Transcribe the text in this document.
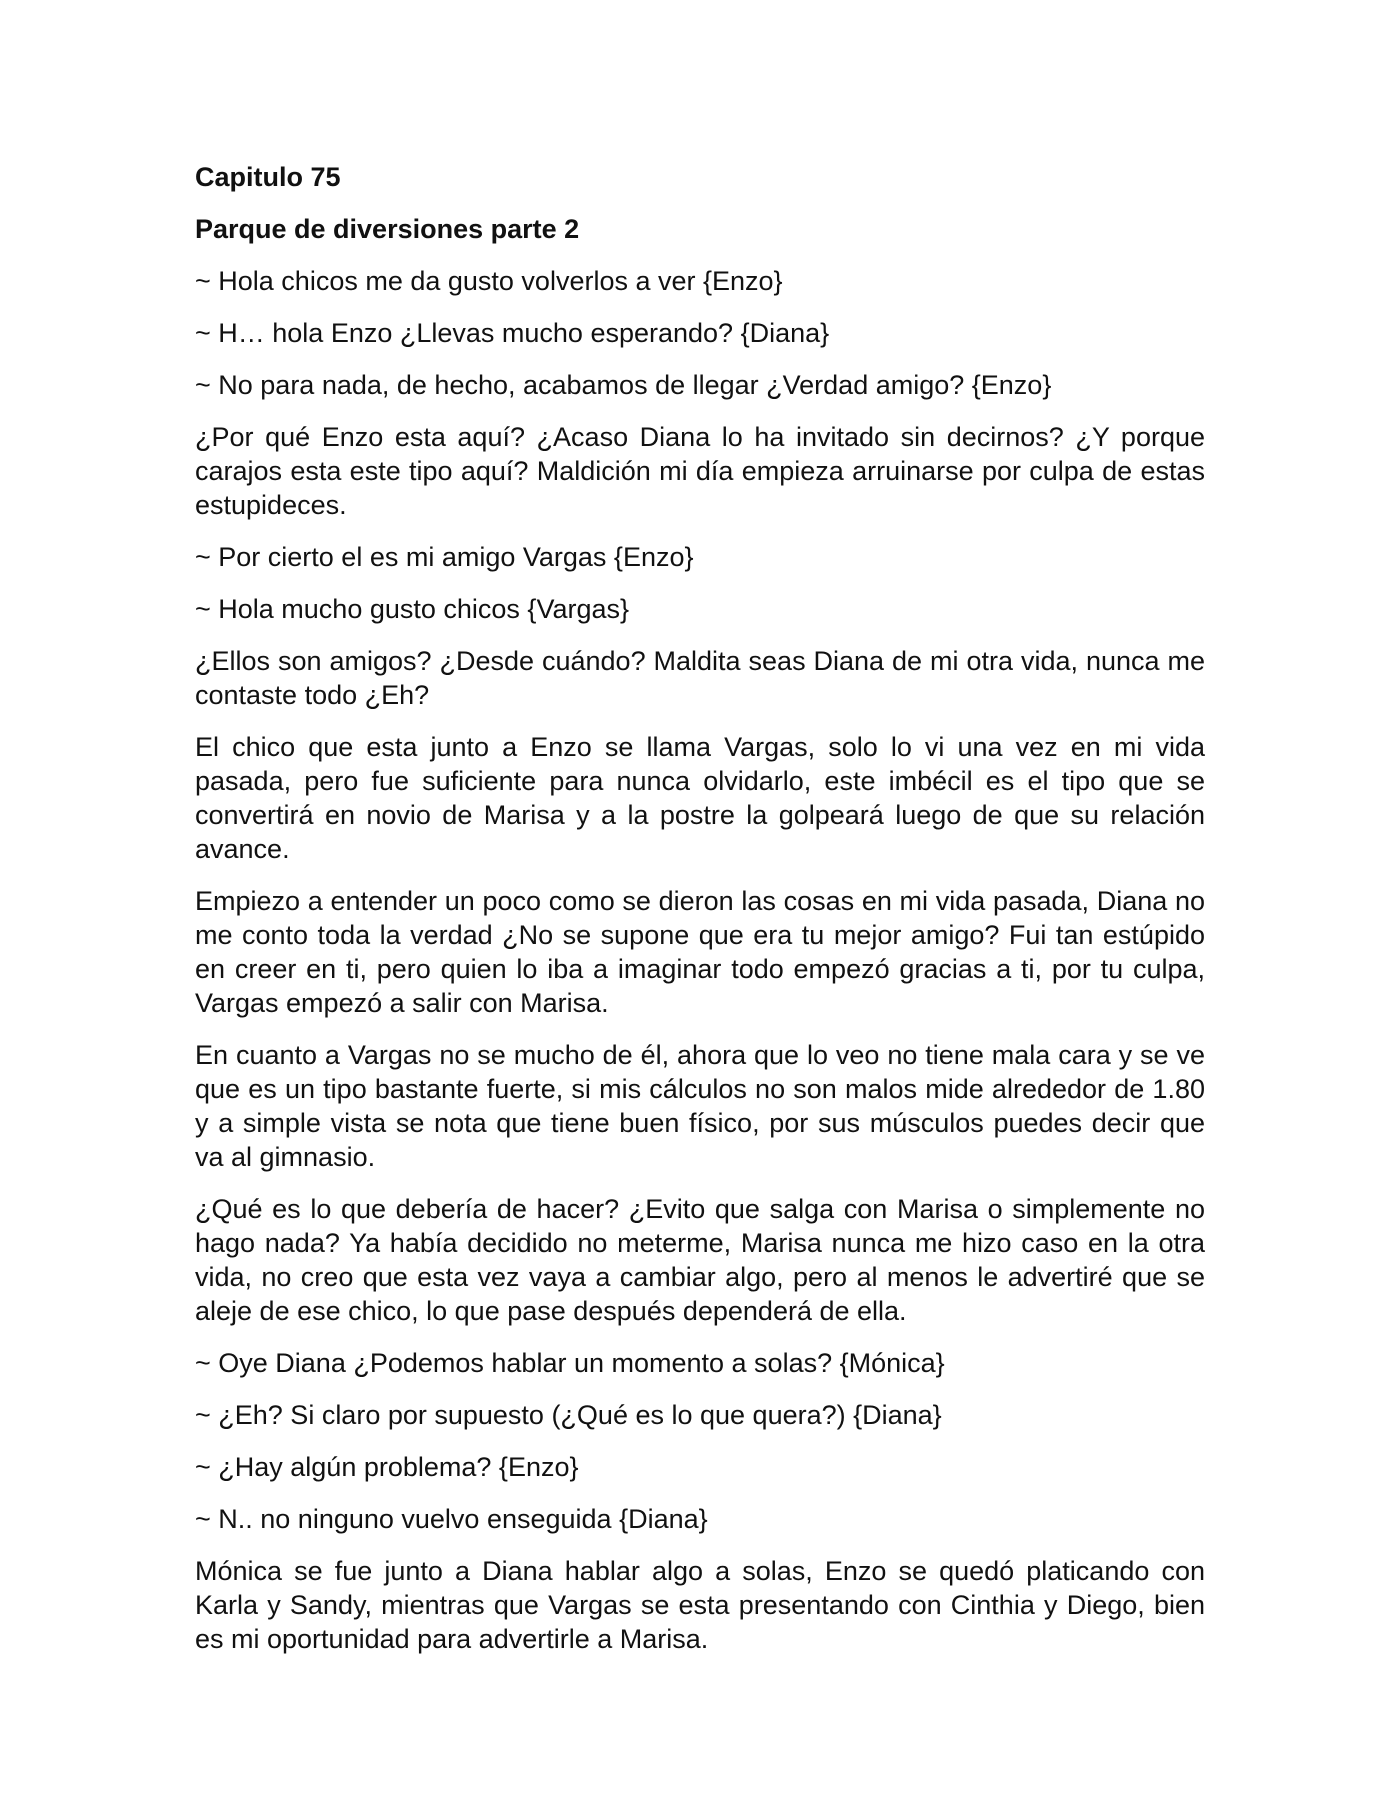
Capitulo 75
Parque de diversiones parte 2
~ Hola chicos me da gusto volverlos a ver {Enzo}
~ H… hola Enzo ¿Llevas mucho esperando? {Diana}
~ No para nada, de hecho, acabamos de llegar ¿Verdad amigo? {Enzo}
¿Por qué Enzo esta aquí? ¿Acaso Diana lo ha invitado sin decirnos? ¿Y porque carajos esta este tipo aquí? Maldición mi día empieza arruinarse por culpa de estas estupideces.
~ Por cierto el es mi amigo Vargas {Enzo}
~ Hola mucho gusto chicos {Vargas}
¿Ellos son amigos? ¿Desde cuándo? Maldita seas Diana de mi otra vida, nunca me contaste todo ¿Eh?
El chico que esta junto a Enzo se llama Vargas, solo lo vi una vez en mi vida pasada, pero fue suficiente para nunca olvidarlo, este imbécil es el tipo que se convertirá en novio de Marisa y a la postre la golpeará luego de que su relación avance.
Empiezo a entender un poco como se dieron las cosas en mi vida pasada, Diana no me conto toda la verdad ¿No se supone que era tu mejor amigo? Fui tan estúpido en creer en ti, pero quien lo iba a imaginar todo empezó gracias a ti, por tu culpa, Vargas empezó a salir con Marisa.
En cuanto a Vargas no se mucho de él, ahora que lo veo no tiene mala cara y se ve que es un tipo bastante fuerte, si mis cálculos no son malos mide alrededor de 1.80 y a simple vista se nota que tiene buen físico, por sus músculos puedes decir que va al gimnasio.
¿Qué es lo que debería de hacer? ¿Evito que salga con Marisa o simplemente no hago nada? Ya había decidido no meterme, Marisa nunca me hizo caso en la otra vida, no creo que esta vez vaya a cambiar algo, pero al menos le advertiré que se aleje de ese chico, lo que pase después dependerá de ella.
~ Oye Diana ¿Podemos hablar un momento a solas? {Mónica}
~ ¿Eh? Si claro por supuesto (¿Qué es lo que quera?) {Diana}
~ ¿Hay algún problema? {Enzo}
~ N.. no ninguno vuelvo enseguida {Diana}
Mónica se fue junto a Diana hablar algo a solas, Enzo se quedó platicando con Karla y Sandy, mientras que Vargas se esta presentando con Cinthia y Diego, bien es mi oportunidad para advertirle a Marisa.
